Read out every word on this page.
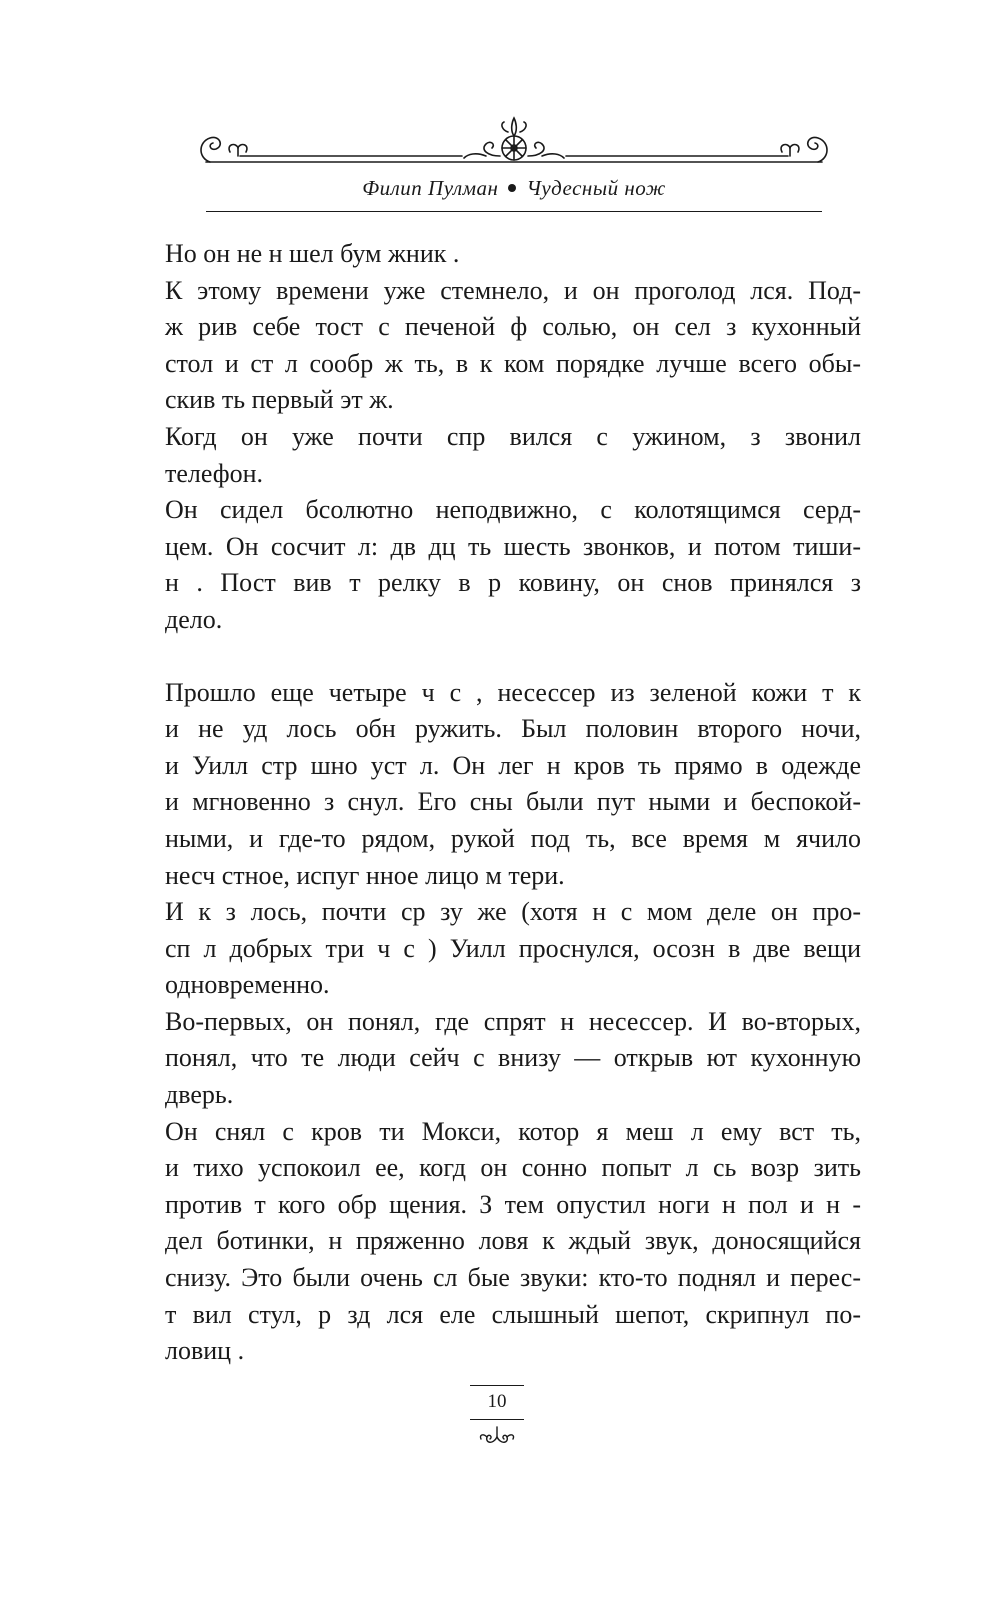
Филип Пулман Чудесный нож

Но он не н шел бум жник .

К этому времени уже стемнело, и он проголод лся. Под-
ж рив себе тост с печеной ф солью, он сел з кухонный
стол и ст л сообр ж ть, в к ком порядке лучше всего обы-
скив ть первый эт ж.

Когд он уже почти спр вился с ужином, з звонил
телефон.

Он сидел бсолютно неподвижно, с колотящимся серд-
цем. Он сосчит л: дв дц ть шесть звонков, и потом тиши-
н . Пост вив т релку в р ковину, он снов принялся з
дело.

Прошло еще четыре ч с , несессер из зеленой кожи т к
и не уд лось обн ружить. Был половин второго ночи,
и Уилл стр шно уст л. Он лег н кров ть прямо в одежде
и мгновенно з снул. Его сны были пут ными и беспокой-
ными, и где-то рядом, рукой под ть, все время м ячило
несч стное, испуг нное лицо м тери.

И к з лось, почти ср зу же (хотя н с мом деле он про-
сп л добрых три ч с ) Уилл проснулся, осозн в две вещи
одновременно.

Во-первых, он понял, где спрят н несессер. И во-вторых,
понял, что те люди сейч с внизу — открыв ют кухонную
дверь.

Он снял с кров ти Мокси, котор я меш л ему вст ть,
и тихо успокоил ее, когд он сонно попыт л сь возр зить
против т кого обр щения. З тем опустил ноги н пол и н -
дел ботинки, н пряженно ловя к ждый звук, доносящийся
снизу. Это были очень сл бые звуки: кто-то поднял и перес-
т вил стул, р зд лся еле слышный шепот, скрипнул по-
ловиц .

10
